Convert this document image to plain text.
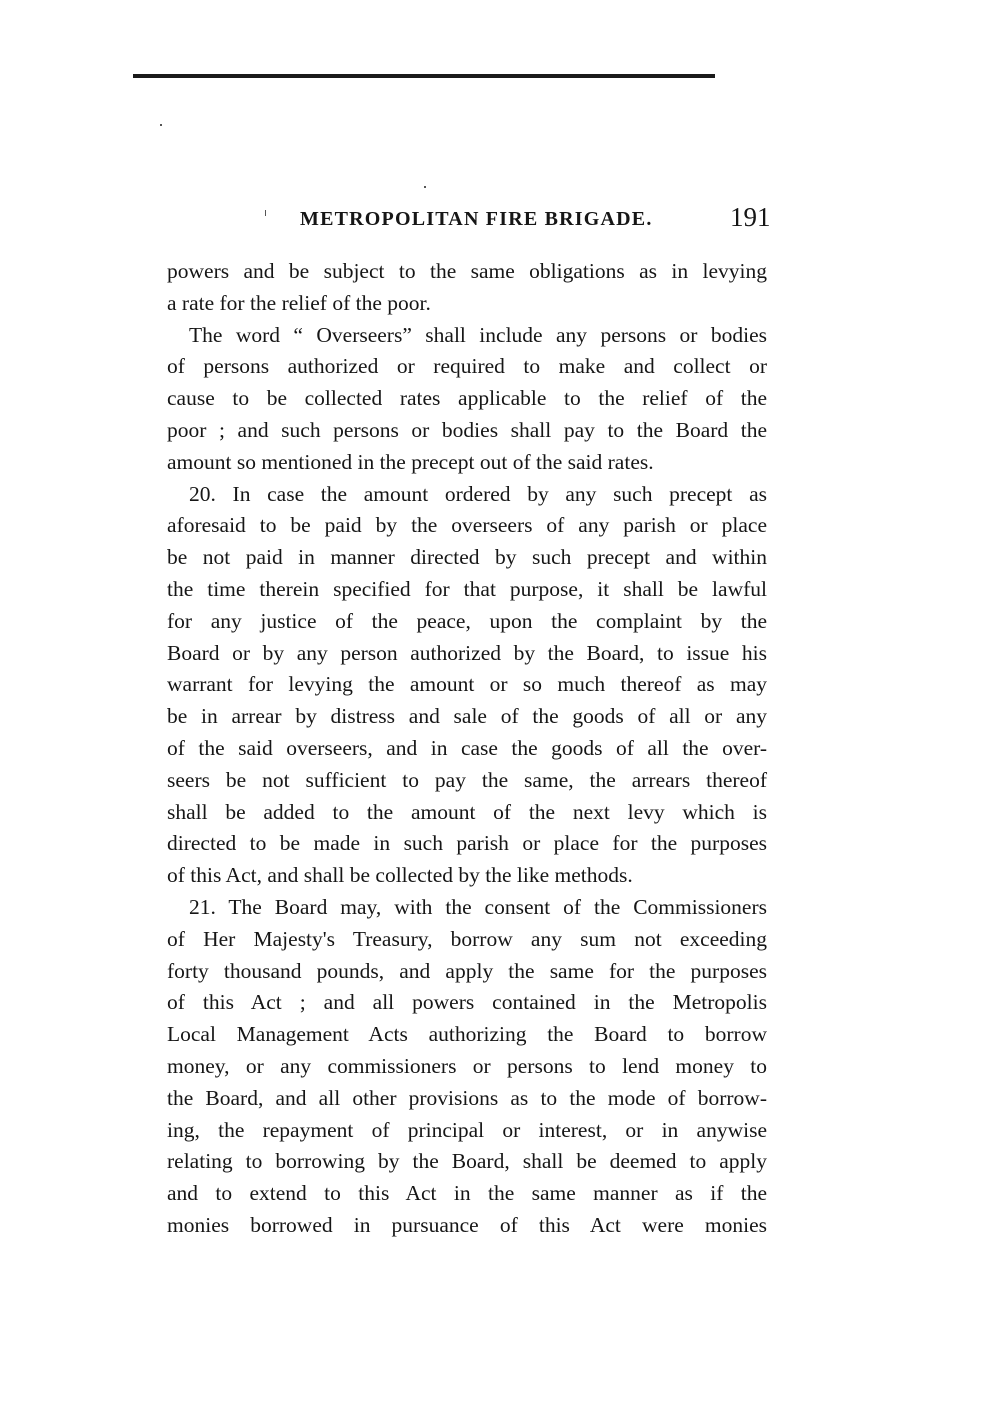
METROPOLITAN FIRE BRIGADE.	191
powers and be subject to the same obligations as in levying
a rate for the relief of the poor.
The word “ Overseers” shall include any persons or bodies
of persons authorized or required to make and collect or
cause to be collected rates applicable to the relief of the
poor ; and such persons or bodies shall pay to the Board the
amount so mentioned in the precept out of the said rates.
20. In case the amount ordered by any such precept as
aforesaid to be paid by the overseers of any parish or place
be not paid in manner directed by such precept and within
the time therein specified for that purpose, it shall be lawful
for any justice of the peace, upon the complaint by the
Board or by any person authorized by the Board, to issue his
warrant for levying the amount or so much thereof as may
be in arrear by distress and sale of the goods of all or any
of the said overseers, and in case the goods of all the over-
seers be not sufficient to pay the same, the arrears thereof
shall be added to the amount of the next levy which is
directed to be made in such parish or place for the purposes
of this Act, and shall be collected by the like methods.
21. The Board may, with the consent of the Commissioners
of Her Majesty's Treasury, borrow any sum not exceeding
forty thousand pounds, and apply the same for the purposes
of this Act ; and all powers contained in the Metropolis
Local Management Acts authorizing the Board to borrow
money, or any commissioners or persons to lend money to
the Board, and all other provisions as to the mode of borrow-
ing, the repayment of principal or interest, or in anywise
relating to borrowing by the Board, shall be deemed to apply
and to extend to this Act in the same manner as if the
monies borrowed in pursuance of this Act were monies
